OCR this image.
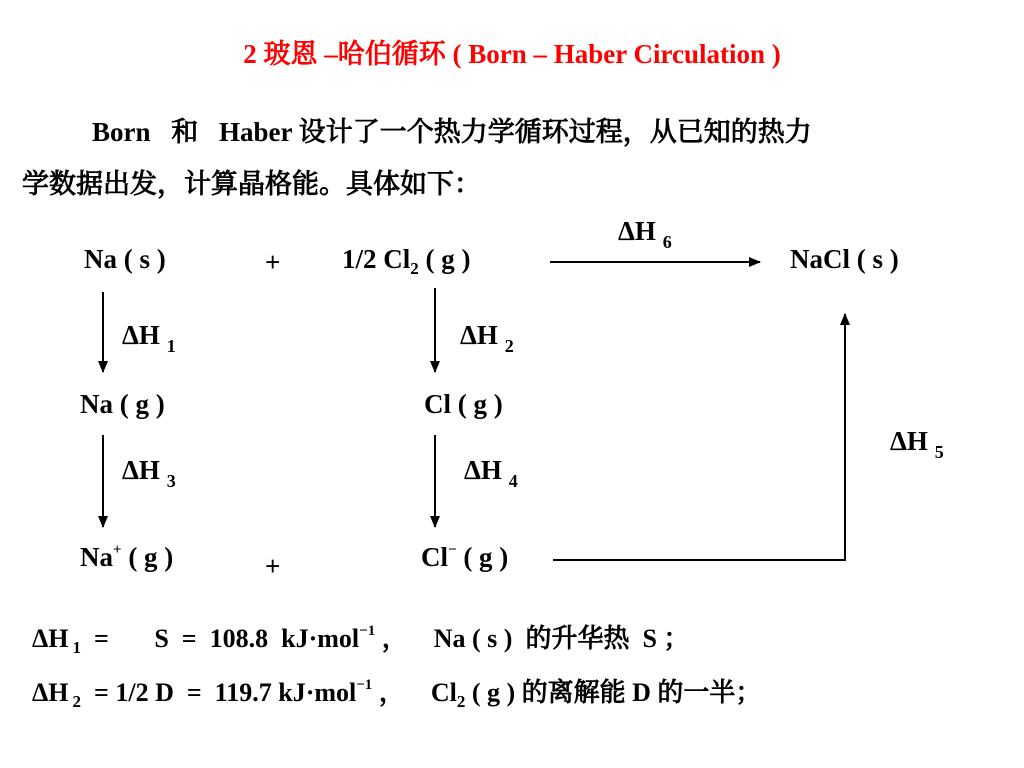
2 玻恩 –哈伯循环 ( Born – Haber Circulation )
Born 和 Haber 设计了一个热力学循环过程，从已知的热力
学数据出发，计算晶格能。具体如下：
Na ( s )	+ 1/2 $Cl_2$ ( g )	NaCl ( s )
Na ( g )	Cl ( g )
Na+ ( g )	+	Cl− ( g )
ΔH $_6$
ΔH $_1$	ΔH $_2$
ΔH $_3$	ΔH $_4$
ΔH $_5$
ΔH $_1$  =       S  =  108.8  kJ·mol$^{-1}$ ， Na ( s )  的升华热  S ；
ΔH $_2$  = 1/2 D  =  119.7 kJ·mol$^{-1}$ ， $Cl_2$ ( g ) 的离解能 D 的一半；
